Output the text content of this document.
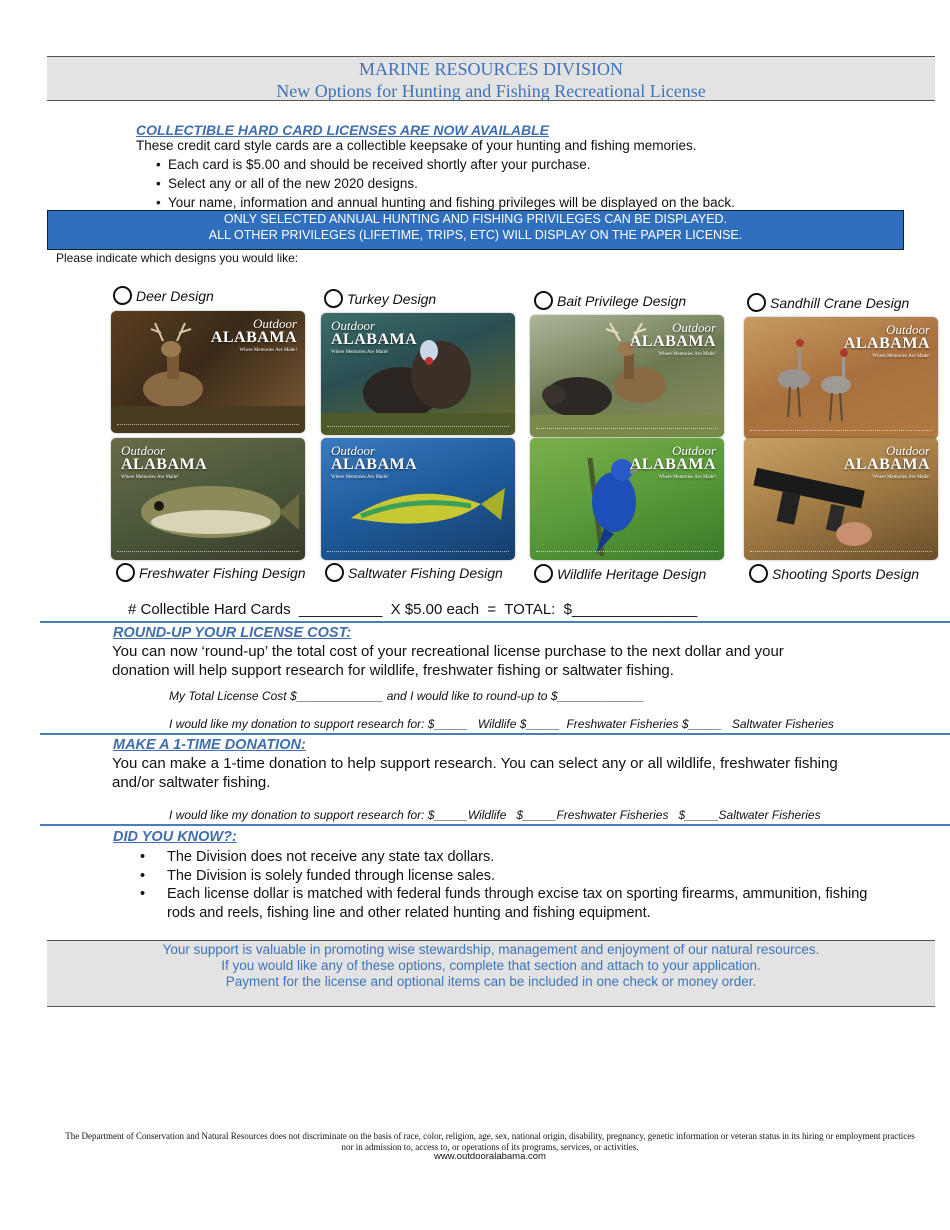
MARINE RESOURCES DIVISION
New Options for Hunting and Fishing Recreational License
COLLECTIBLE HARD CARD LICENSES ARE NOW AVAILABLE
These credit card style cards are a collectible keepsake of your hunting and fishing memories.
• Each card is $5.00 and should be received shortly after your purchase.
• Select any or all of the new 2020 designs.
• Your name, information and annual hunting and fishing privileges will be displayed on the back.
ONLY SELECTED ANNUAL HUNTING AND FISHING PRIVILEGES CAN BE DISPLAYED.
ALL OTHER PRIVILEGES (LIFETIME, TRIPS, ETC) WILL DISPLAY ON THE PAPER LICENSE.
Please indicate which designs you would like:
Deer Design	Turkey Design	Bait Privilege Design	Sandhill Crane Design
Outdoor
ALABAMA
Where Memories Are Made!
Outdoor
ALABAMA
Where Memories Are Made!
Outdoor
ALABAMA
Where Memories Are Made!
Outdoor
ALABAMA
Where Memories Are Made!
Outdoor
ALABAMA
Where Memories Are Made!
Outdoor
ALABAMA
Where Memories Are Made!
Outdoor
ALABAMA
Where Memories Are Made!
Outdoor
ALABAMA
Where Memories Are Made!
Freshwater Fishing Design	Saltwater Fishing Design	Wildlife Heritage Design	Shooting Sports Design
# Collectible Hard Cards  __________  X $5.00 each  =  TOTAL:  $_______________
ROUND-UP YOUR LICENSE COST:
You can now ‘round-up’ the total cost of your recreational license purchase to the next dollar and your donation will help support research for wildlife, freshwater fishing or saltwater fishing.
My Total License Cost $_____________ and I would like to round-up to $_____________
I would like my donation to support research for: $_____   Wildlife $_____  Freshwater Fisheries $_____   Saltwater Fisheries
MAKE A 1-TIME DONATION:
You can make a 1-time donation to help support research. You can select any or all wildlife, freshwater fishing and/or saltwater fishing.
I would like my donation to support research for: $_____Wildlife   $_____Freshwater Fisheries   $_____Saltwater Fisheries
DID YOU KNOW?:
• The Division does not receive any state tax dollars.
• The Division is solely funded through license sales.
• Each license dollar is matched with federal funds through excise tax on sporting firearms, ammunition, fishing rods and reels, fishing line and other related hunting and fishing equipment.
Your support is valuable in promoting wise stewardship, management and enjoyment of our natural resources.
If you would like any of these options, complete that section and attach to your application.
Payment for the license and optional items can be included in one check or money order.
The Department of Conservation and Natural Resources does not discriminate on the basis of race, color, religion, age, sex, national origin, disability, pregnancy, genetic information or veteran status in its hiring or employment practices nor in admission to, access to, or operations of its programs, services, or activities.
www.outdooralabama.com
